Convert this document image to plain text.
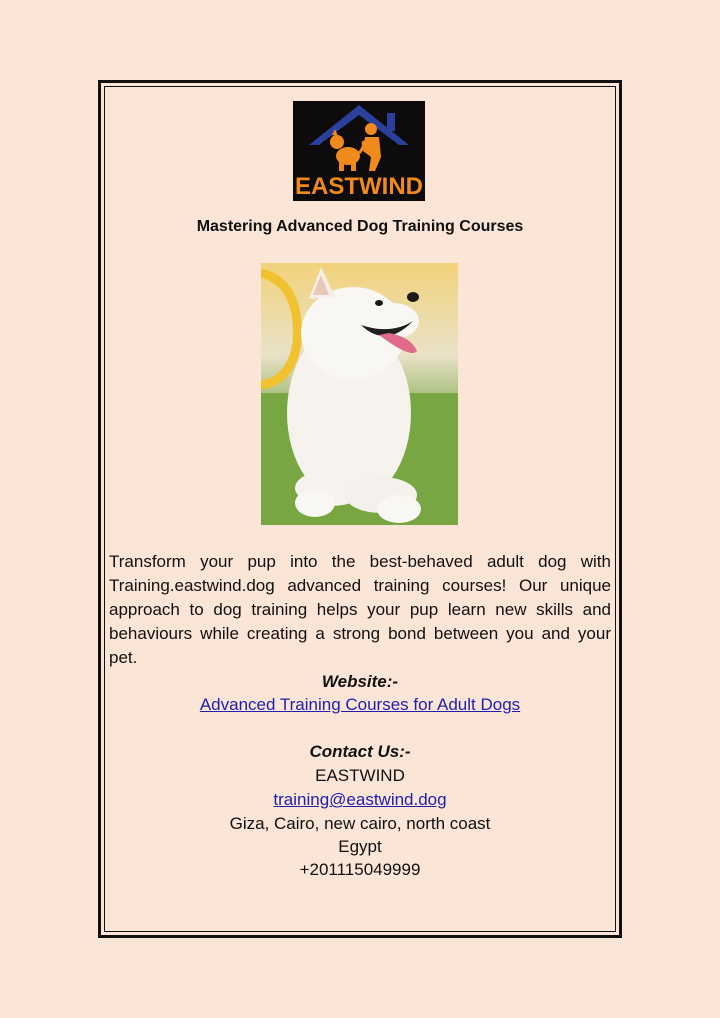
EASTWIND
Mastering Advanced Dog Training Courses
Transform your pup into the best-behaved adult dog with Training.eastwind.dog advanced training courses! Our unique approach to dog training helps your pup learn new skills and behaviours while creating a strong bond between you and your pet.
Website:-
Advanced Training Courses for Adult Dogs
Contact Us:-
EASTWIND
training@eastwind.dog
Giza, Cairo, new cairo, north coast
Egypt
+201115049999
